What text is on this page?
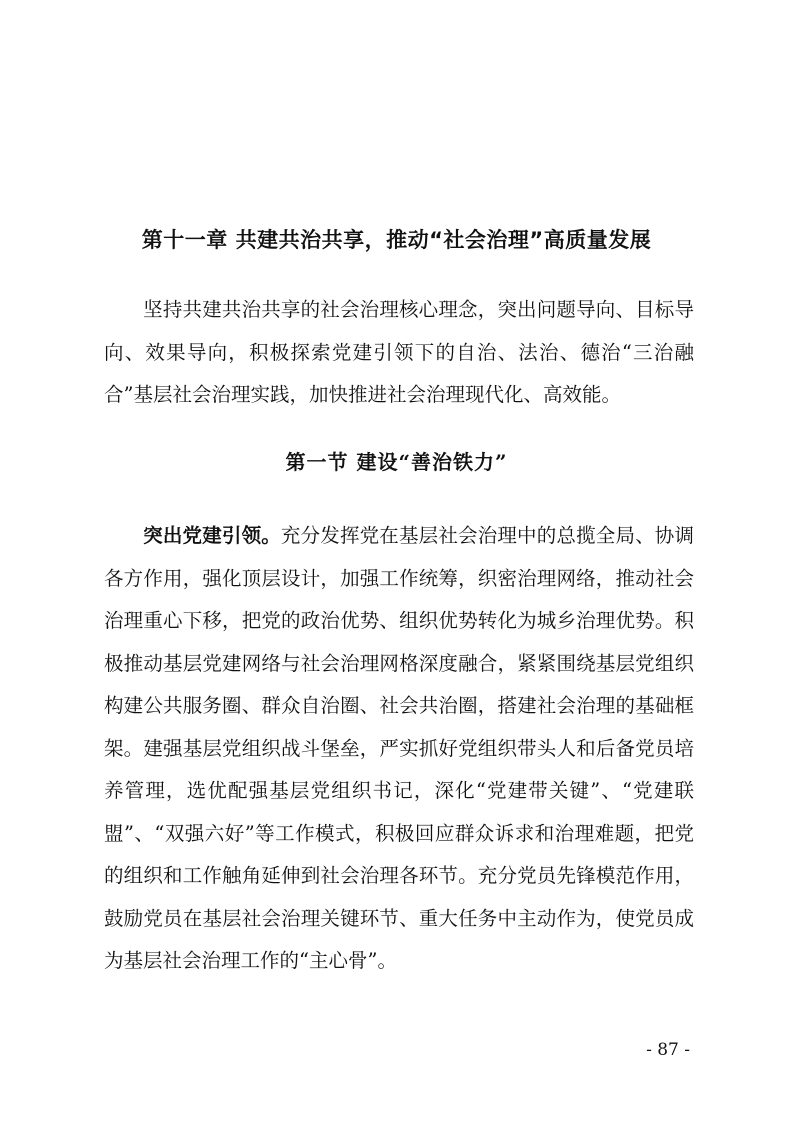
第十一章 共建共治共享，推动“社会治理”高质量发展

坚持共建共治共享的社会治理核心理念，突出问题导向、目标导向、效果导向，积极探索党建引领下的自治、法治、德治“三治融合”基层社会治理实践，加快推进社会治理现代化、高效能。

第一节 建设“善治铁力”

突出党建引领。充分发挥党在基层社会治理中的总揽全局、协调各方作用，强化顶层设计，加强工作统筹，织密治理网络，推动社会治理重心下移，把党的政治优势、组织优势转化为城乡治理优势。积极推动基层党建网络与社会治理网格深度融合，紧紧围绕基层党组织构建公共服务圈、群众自治圈、社会共治圈，搭建社会治理的基础框架。建强基层党组织战斗堡垒，严实抓好党组织带头人和后备党员培养管理，选优配强基层党组织书记，深化“党建带关键”、“党建联盟”、“双强六好”等工作模式，积极回应群众诉求和治理难题，把党的组织和工作触角延伸到社会治理各环节。充分党员先锋模范作用，鼓励党员在基层社会治理关键环节、重大任务中主动作为，使党员成为基层社会治理工作的“主心骨”。

- 87 -
